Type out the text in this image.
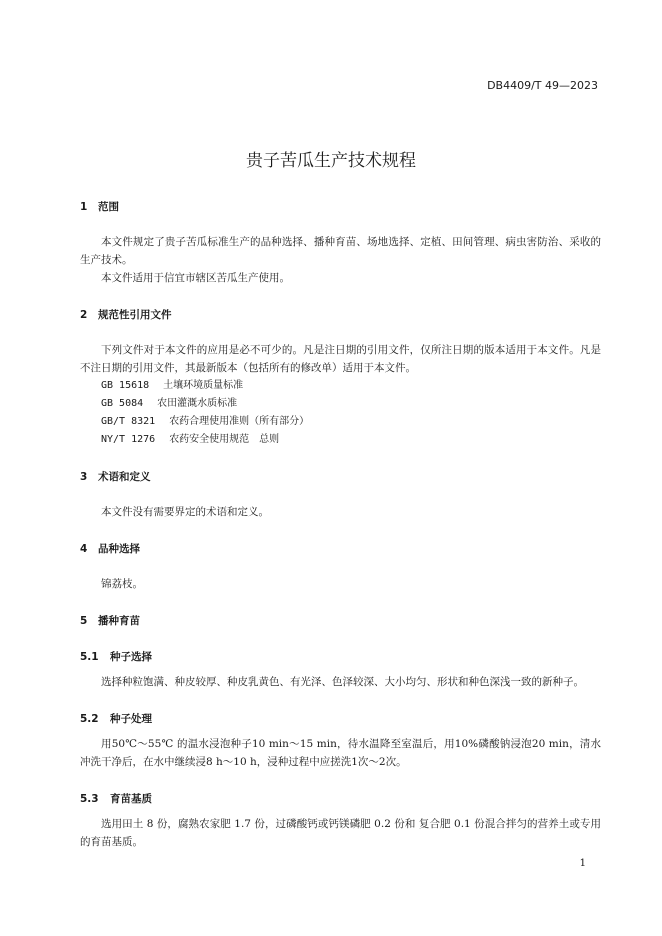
DB4409/T 49—2023
贵子苦瓜生产技术规程
1 范围

本文件规定了贵子苦瓜标准生产的品种选择、播种育苗、场地选择、定植、田间管理、病虫害防治、采收的生产技术。

本文件适用于信宜市辖区苦瓜生产使用。

2 规范性引用文件

下列文件对于本文件的应用是必不可少的。凡是注日期的引用文件，仅所注日期的版本适用于本文件。凡是不注日期的引用文件，其最新版本（包括所有的修改单）适用于本文件。

GB 15618 土壤环境质量标准
GB 5084 农田灌溉水质标准
GB/T 8321 农药合理使用准则（所有部分）
NY/T 1276 农药安全使用规范　总则
3 术语和定义

本文件没有需要界定的术语和定义。

4 品种选择

锦荔枝。

5 播种育苗
5.1 种子选择

选择种粒饱满、种皮较厚、种皮乳黄色、有光泽、色泽较深、大小均匀、形状和种色深浅一致的新种子。

5.2 种子处理

用50℃～55℃ 的温水浸泡种子10 min～15 min，待水温降至室温后，用10%磷酸钠浸泡20 min，清水冲洗干净后，在水中继续浸8 h～10 h，浸种过程中应搓洗1次～2次。

5.3 育苗基质

选用田土 8 份，腐熟农家肥 1.7 份，过磷酸钙或钙镁磷肥 0.2 份和 复合肥 0.1 份混合拌匀的营养土或专用的育苗基质。

1
